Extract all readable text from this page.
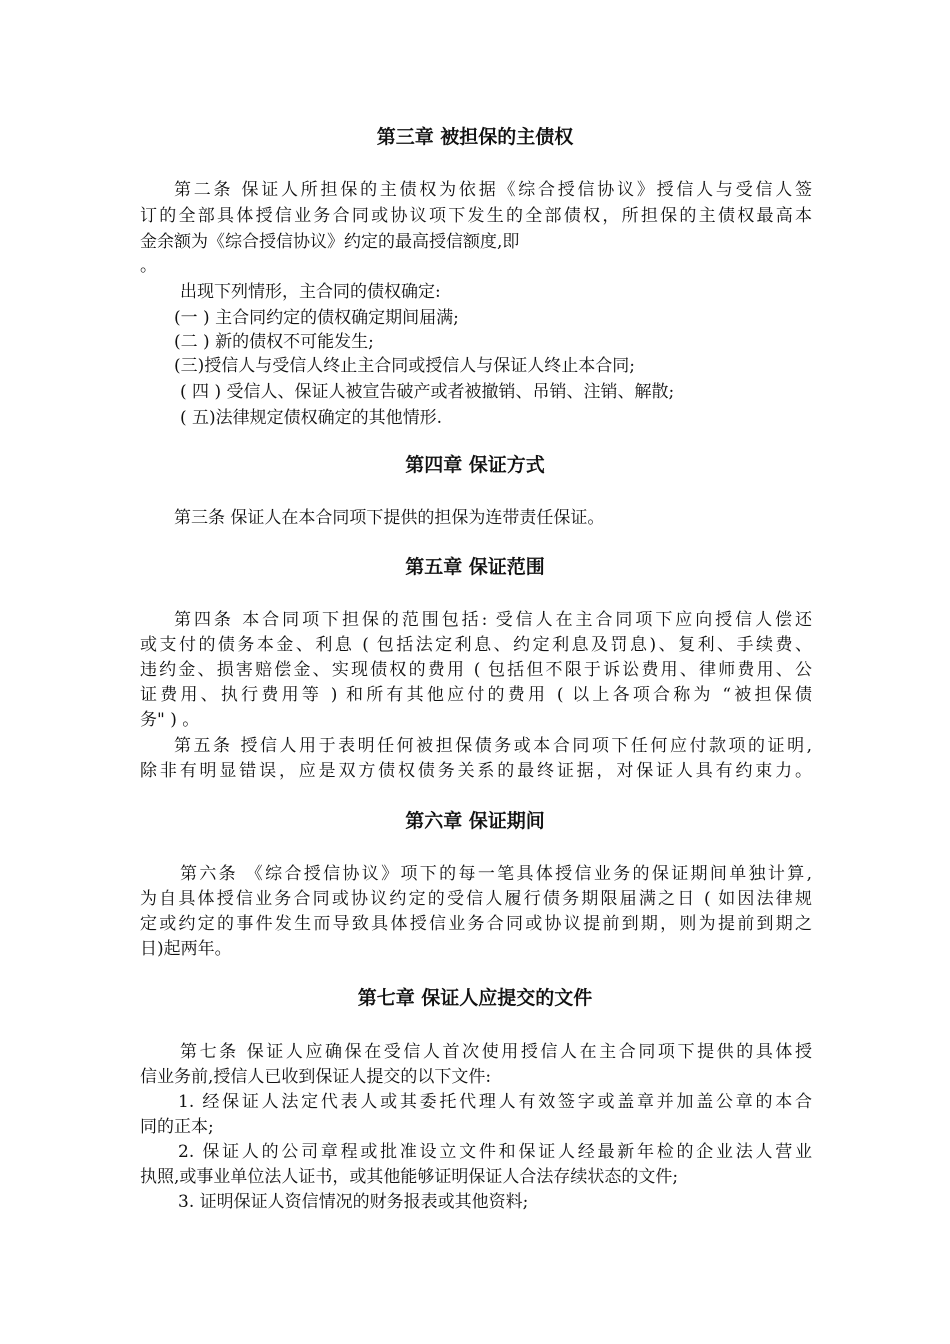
第三章 被担保的主债权
第二条 保证人所担保的主债权为依据《综合授信协议》授信人与受信人签
订的全部具体授信业务合同或协议项下发生的全部债权，所担保的主债权最高本
金余额为《综合授信协议》约定的最高授信额度,即
。
出现下列情形，主合同的债权确定:
(一 ) 主合同约定的债权确定期间届满;
(二 ) 新的债权不可能发生;
(三)授信人与受信人终止主合同或授信人与保证人终止本合同;
( 四 ) 受信人、保证人被宣告破产或者被撤销、吊销、注销、解散;
( 五)法律规定债权确定的其他情形.
第四章 保证方式
第三条 保证人在本合同项下提供的担保为连带责任保证。
第五章 保证范围
第四条 本合同项下担保的范围包括: 受信人在主合同项下应向授信人偿还
或支付的债务本金、利息 ( 包括法定利息、约定利息及罚息)、复利、手续费、
违约金、损害赔偿金、实现债权的费用 ( 包括但不限于诉讼费用、律师费用、公
证费用、执行费用等 ) 和所有其他应付的费用 ( 以上各项合称为 “被担保债
务" ) 。
第五条 授信人用于表明任何被担保债务或本合同项下任何应付款项的证明,
除非有明显错误，应是双方债权债务关系的最终证据，对保证人具有约束力。
第六章 保证期间
第六条 《综合授信协议》项下的每一笔具体授信业务的保证期间单独计算,
为自具体授信业务合同或协议约定的受信人履行债务期限届满之日 ( 如因法律规
定或约定的事件发生而导致具体授信业务合同或协议提前到期，则为提前到期之
日)起两年。
第七章 保证人应提交的文件
第七条 保证人应确保在受信人首次使用授信人在主合同项下提供的具体授
信业务前,授信人已收到保证人提交的以下文件:
1. 经保证人法定代表人或其委托代理人有效签字或盖章并加盖公章的本合
同的正本;
2. 保证人的公司章程或批准设立文件和保证人经最新年检的企业法人营业
执照,或事业单位法人证书，或其他能够证明保证人合法存续状态的文件;
3. 证明保证人资信情况的财务报表或其他资料;
